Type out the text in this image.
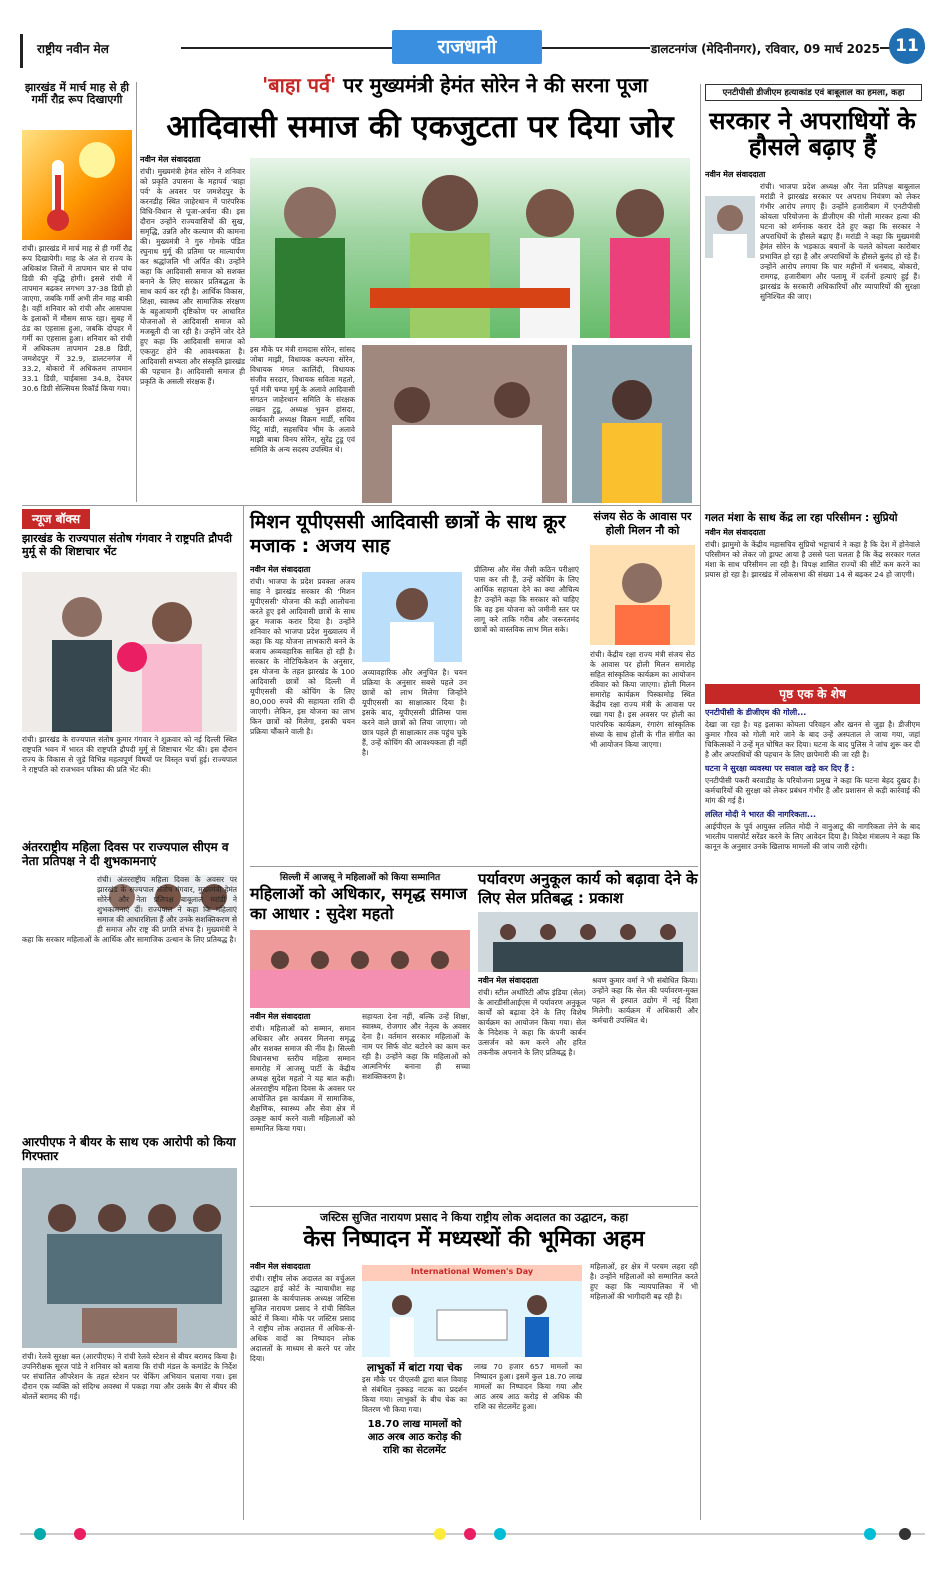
राष्ट्रीय नवीन मेल	राजधानी	डालटनगंज (मेदिनीनगर), रविवार, 09 मार्च 2025 11
झारखंड में मार्च माह से ही गर्मी रौद्र रूप दिखाएगी
रांची। झारखंड में मार्च माह से ही गर्मी रौद्र रूप दिखायेगी। माह के अंत से राज्य के अधिकांश जिलों में तापमान चार से पांच डिग्री की वृद्धि होगी। इससे रांची में तापमान बढ़कर लगभग 37-38 डिग्री हो जाएगा, जबकि गर्मी अभी तीन माह बाकी है। वहीं शनिवार को रांची और आसपास के इलाकों में मौसम साफ रहा। सुबह में ठंड का एहसास हुआ, जबकि दोपहर में गर्मी का एहसास हुआ। शनिवार को रांची में अधिकतम तापमान 28.8 डिग्री, जमशेदपुर में 32.9, डालटनगंज में 33.2, बोकारो में अधिकतम तापमान 33.1 डिग्री, चाईबासा 34.8, देवघर 30.6 डिग्री सेल्सियस रिकॉर्ड किया गया।
'बाहा पर्व' पर मुख्यमंत्री हेमंत सोरेन ने की सरना पूजा
आदिवासी समाज की एकजुटता पर दिया जोर
नवीन मेल संवाददाता
रांची। मुख्यमंत्री हेमंत सोरेन ने शनिवार को प्रकृति उपासना के महापर्व 'बाहा पर्व' के अवसर पर जमशेदपुर के करनडीह स्थित जाहेरथान में पारंपरिक विधि-विधान से पूजा-अर्चना की। इस दौरान उन्होंने राज्यवासियों की सुख, समृद्धि, उन्नति और कल्याण की कामना की। मुख्यमंत्री ने गुरु गोमके पंडित रघुनाथ मुर्मू की प्रतिमा पर माल्यार्पण कर श्रद्धांजलि भी अर्पित की। उन्होंने कहा कि आदिवासी समाज को सशक्त बनाने के लिए सरकार प्रतिबद्धता के साथ कार्य कर रही है। आर्थिक विकास, शिक्षा, स्वास्थ्य और सामाजिक संरक्षण के बहुआयामी दृष्टिकोण पर आधारित योजनाओं से आदिवासी समाज को मजबूती दी जा रही है। उन्होंने जोर देते हुए कहा कि आदिवासी समाज को एकजुट होने की आवश्यकता है। आदिवासी सभ्यता और संस्कृति झारखंड की पहचान है। आदिवासी समाज ही प्रकृति के असली संरक्षक हैं।
इस मौके पर मंत्री रामदास सोरेन, सांसद जोबा माझी, विधायक कल्पना सोरेन, विधायक मंगल कालिंदी, विधायक संजीव सरदार, विधायक सविता महतो, पूर्व मंत्री चम्पा मुर्मू के अलावे आदिवासी संगठन जाहेरथान समिति के संरक्षक लखन टुडू, अध्यक्ष भुवन हांसदा, कार्यकारी अध्यक्ष विक्रम मार्डी, सचिव पिंटू मांडी, सहसचिव भीम के अलावे माझी बाबा विनय सोरेन, सुरेंद्र टुडू एवं समिति के अन्य सदस्य उपस्थित थे।
एनटीपीसी डीजीएम हत्याकांड एवं बाबूलाल का हमला, कहा
सरकार ने अपराधियों के हौसले बढ़ाए हैं
नवीन मेल संवाददाता
रांची। भाजपा प्रदेश अध्यक्ष और नेता प्रतिपक्ष बाबूलाल मरांडी ने झारखंड सरकार पर अपराध नियंत्रण को लेकर गंभीर आरोप लगाए हैं। उन्होंने हजारीबाग में एनटीपीसी कोयला परियोजना के डीजीएम की गोली मारकर हत्या की घटना को शर्मनाक करार देते हुए कहा कि सरकार ने अपराधियों के हौसले बढ़ाए हैं। मरांडी ने कहा कि मुख्यमंत्री हेमंत सोरेन के भड़काऊ बयानों के चलते कोयला कारोबार प्रभावित हो रहा है और अपराधियों के हौसले बुलंद हो रहे हैं। उन्होंने आरोप लगाया कि चार महीनों में धनबाद, बोकारो, रामगढ़, हजारीबाग और पलामू में दर्जनों हत्याएं हुई हैं। झारखंड के सरकारी अधिकारियों और व्यापारियों की सुरक्षा सुनिश्चित की जाए।
न्यूज बॉक्स
झारखंड के राज्यपाल संतोष गंगवार ने राष्ट्रपति द्रौपदी मुर्मू से की शिष्टाचार भेंट
रांची। झारखंड के राज्यपाल संतोष कुमार गंगवार ने शुक्रवार को नई दिल्ली स्थित राष्ट्रपति भवन में भारत की राष्ट्रपति द्रौपदी मुर्मू से शिष्टाचार भेंट की। इस दौरान राज्य के विकास से जुड़े विभिन्न महत्वपूर्ण विषयों पर विस्तृत चर्चा हुई। राज्यपाल ने राष्ट्रपति को राजभवन पत्रिका की प्रति भेंट की।
अंतरराष्ट्रीय महिला दिवस पर राज्यपाल सीएम व नेता प्रतिपक्ष ने दी शुभकामनाएं
रांची। अंतरराष्ट्रीय महिला दिवस के अवसर पर झारखंड के राज्यपाल संतोष गंगवार, मुख्यमंत्री हेमंत सोरेन और नेता प्रतिपक्ष बाबूलाल मरांडी ने शुभकामनाएं दीं। राज्यपाल ने कहा कि महिलाएं समाज की आधारशिला हैं और उनके सशक्तिकरण से ही समाज और राष्ट्र की प्रगति संभव है। मुख्यमंत्री ने कहा कि सरकार महिलाओं के आर्थिक और सामाजिक उत्थान के लिए प्रतिबद्ध है।
आरपीएफ ने बीयर के साथ एक आरोपी को किया गिरफ्तार
रांची। रेलवे सुरक्षा बल (आरपीएफ) ने रांची रेलवे स्टेशन से बीयर बरामद किया है। उपनिरीक्षक सूरज पांडे ने शनिवार को बताया कि रांची मंडल के कमांडेंट के निर्देश पर संचालित ऑपरेशन के तहत स्टेशन पर चेकिंग अभियान चलाया गया। इस दौरान एक व्यक्ति को संदिग्ध अवस्था में पकड़ा गया और उसके बैग से बीयर की बोतलें बरामद की गईं।
मिशन यूपीएससी आदिवासी छात्रों के साथ क्रूर मजाक : अजय साह
नवीन मेल संवाददाता
रांची। भाजपा के प्रदेश प्रवक्ता अजय साह ने झारखंड सरकार की 'मिशन यूपीएससी' योजना की कड़ी आलोचना करते हुए इसे आदिवासी छात्रों के साथ क्रूर मजाक करार दिया है। उन्होंने शनिवार को भाजपा प्रदेश मुख्यालय में कहा कि यह योजना लाभकारी बनने के बजाय अव्यवहारिक साबित हो रही है। सरकार के नोटिफिकेशन के अनुसार, इस योजना के तहत झारखंड के 100 आदिवासी छात्रों को दिल्ली में यूपीएससी की कोचिंग के लिए 80,000 रुपये की सहायता राशि दी जाएगी। लेकिन, इस योजना का लाभ किन छात्रों को मिलेगा, इसकी चयन प्रक्रिया चौंकाने वाली है।
अव्यावहारिक और अनुचित है। चयन प्रक्रिया के अनुसार सबसे पहले उन छात्रों को लाभ मिलेगा जिन्होंने यूपीएससी का साक्षात्कार दिया है। इसके बाद, यूपीएससी प्रीलिम्स पास करने वाले छात्रों को लिया जाएगा। जो छात्र पहले ही साक्षात्कार तक पहुंच चुके हैं, उन्हें कोचिंग की आवश्यकता ही नहीं है।
प्रीलिम्स और मेंस जैसी कठिन परीक्षाएं पास कर ली हैं, उन्हें कोचिंग के लिए आर्थिक सहायता देने का क्या औचित्य है? उन्होंने कहा कि सरकार को चाहिए कि वह इस योजना को जमीनी स्तर पर लागू करे ताकि गरीब और जरूरतमंद छात्रों को वास्तविक लाभ मिल सके।
संजय सेठ के आवास पर होली मिलन नौ को
रांची। केंद्रीय रक्षा राज्य मंत्री संजय सेठ के आवास पर होली मिलन समारोह सहित सांस्कृतिक कार्यक्रम का आयोजन रविवार को किया जाएगा। होली मिलन समारोह कार्यक्रम पिस्कामोड़ स्थित केंद्रीय रक्षा राज्य मंत्री के आवास पर रखा गया है। इस अवसर पर होली का पारंपरिक कार्यक्रम, रंगारंग सांस्कृतिक संध्या के साथ होली के गीत संगीत का भी आयोजन किया जाएगा।
गलत मंशा के साथ केंद्र ला रहा परिसीमन : सुप्रियो
नवीन मेल संवाददाता
रांची। झामुमो के केंद्रीय महासचिव सुप्रियो भट्टाचार्य ने कहा है कि देश में होनेवाले परिसीमन को लेकर जो ड्राफ्ट आया है उससे पता चलता है कि केंद्र सरकार गलत मंशा के साथ परिसीमन ला रही है। विपक्ष शासित राज्यों की सीटें कम करने का प्रयास हो रहा है। झारखंड में लोकसभा की संख्या 14 से बढ़कर 24 हो जाएगी।
पृष्ठ एक के शेष
एनटीपीसी के डीजीएम की गोली...
देखा जा रहा है। यह इलाका कोयला परिवहन और खनन से जुड़ा है। डीजीएम कुमार गौरव को गोली मारे जाने के बाद उन्हें अस्पताल ले जाया गया, जहां चिकित्सकों ने उन्हें मृत घोषित कर दिया। घटना के बाद पुलिस ने जांच शुरू कर दी है और अपराधियों की पहचान के लिए छापेमारी की जा रही है।
घटना ने सुरक्षा व्यवस्था पर सवाल खड़े कर दिए हैं :
एनटीपीसी पकरी बरवाडीह के परियोजना प्रमुख ने कहा कि घटना बेहद दुखद है। कर्मचारियों की सुरक्षा को लेकर प्रबंधन गंभीर है और प्रशासन से कड़ी कार्रवाई की मांग की गई है।
ललित मोदी ने भारत की नागरिकता...
आईपीएल के पूर्व आयुक्त ललित मोदी ने वानुआटू की नागरिकता लेने के बाद भारतीय पासपोर्ट सरेंडर करने के लिए आवेदन दिया है। विदेश मंत्रालय ने कहा कि कानून के अनुसार उनके खिलाफ मामलों की जांच जारी रहेगी।
सिल्ली में आजसू ने महिलाओं को किया सम्मानित
महिलाओं को अधिकार, समृद्ध समाज का आधार : सुदेश महतो
नवीन मेल संवाददाता
रांची। महिलाओं को सम्मान, समान अधिकार और अवसर मिलना समृद्ध और सशक्त समाज की नींव है। सिल्ली विधानसभा स्तरीय महिला सम्मान समारोह में आजसू पार्टी के केंद्रीय अध्यक्ष सुदेश महतो ने यह बात कही। अंतरराष्ट्रीय महिला दिवस के अवसर पर आयोजित इस कार्यक्रम में सामाजिक, शैक्षणिक, स्वास्थ्य और सेवा क्षेत्र में उत्कृष्ट कार्य करने वाली महिलाओं को सम्मानित किया गया।
सहायता देना नहीं, बल्कि उन्हें शिक्षा, स्वास्थ्य, रोजगार और नेतृत्व के अवसर देना है। वर्तमान सरकार महिलाओं के नाम पर सिर्फ वोट बटोरने का काम कर रही है। उन्होंने कहा कि महिलाओं को आत्मनिर्भर बनाना ही सच्चा सशक्तिकरण है।
पर्यावरण अनुकूल कार्य को बढ़ावा देने के लिए सेल प्रतिबद्ध : प्रकाश
नवीन मेल संवाददाता
रांची। स्टील अथॉरिटी ऑफ इंडिया (सेल) के आरडीसीआईएस में पर्यावरण अनुकूल कार्यों को बढ़ावा देने के लिए विशेष कार्यक्रम का आयोजन किया गया। सेल के निदेशक ने कहा कि कंपनी कार्बन उत्सर्जन को कम करने और हरित तकनीक अपनाने के लिए प्रतिबद्ध है।
श्रवण कुमार वर्मा ने भी संबोधित किया। उन्होंने कहा कि सेल की पर्यावरण-मुक्त पहल से इस्पात उद्योग में नई दिशा मिलेगी। कार्यक्रम में अधिकारी और कर्मचारी उपस्थित थे।
जस्टिस सुजित नारायण प्रसाद ने किया राष्ट्रीय लोक अदालत का उद्घाटन, कहा
केस निष्पादन में मध्यस्थों की भूमिका अहम
नवीन मेल संवाददाता
रांची। राष्ट्रीय लोक अदालत का वर्चुअल उद्घाटन हाई कोर्ट के न्यायाधीश सह झालसा के कार्यपालक अध्यक्ष जस्टिस सुजित नारायण प्रसाद ने रांची सिविल कोर्ट में किया। मौके पर जस्टिस प्रसाद ने राष्ट्रीय लोक अदालत में अधिक-से-अधिक वादों का निष्पादन लोक अदालतों के माध्यम से करने पर जोर दिया।
International Women's Day
लाभुकों में बांटा गया चेक
इस मौके पर पीएलवी द्वारा बाल विवाह से संबंधित नुक्कड़ नाटक का प्रदर्शन किया गया। लाभुकों के बीच चेक का वितरण भी किया गया।
18.70 लाख मामलों को आठ अरब आठ करोड़ की राशि का सेटलमेंट
लाख 70 हजार 657 मामलों का निष्पादन हुआ। इसमें कुल 18.70 लाख मामलों का निष्पादन किया गया और आठ अरब आठ करोड़ से अधिक की राशि का सेटलमेंट हुआ।
महिलाओं, हर क्षेत्र में परचम लहरा रही है। उन्होंने महिलाओं को सम्मानित करते हुए कहा कि न्यायपालिका में भी महिलाओं की भागीदारी बढ़ रही है।
